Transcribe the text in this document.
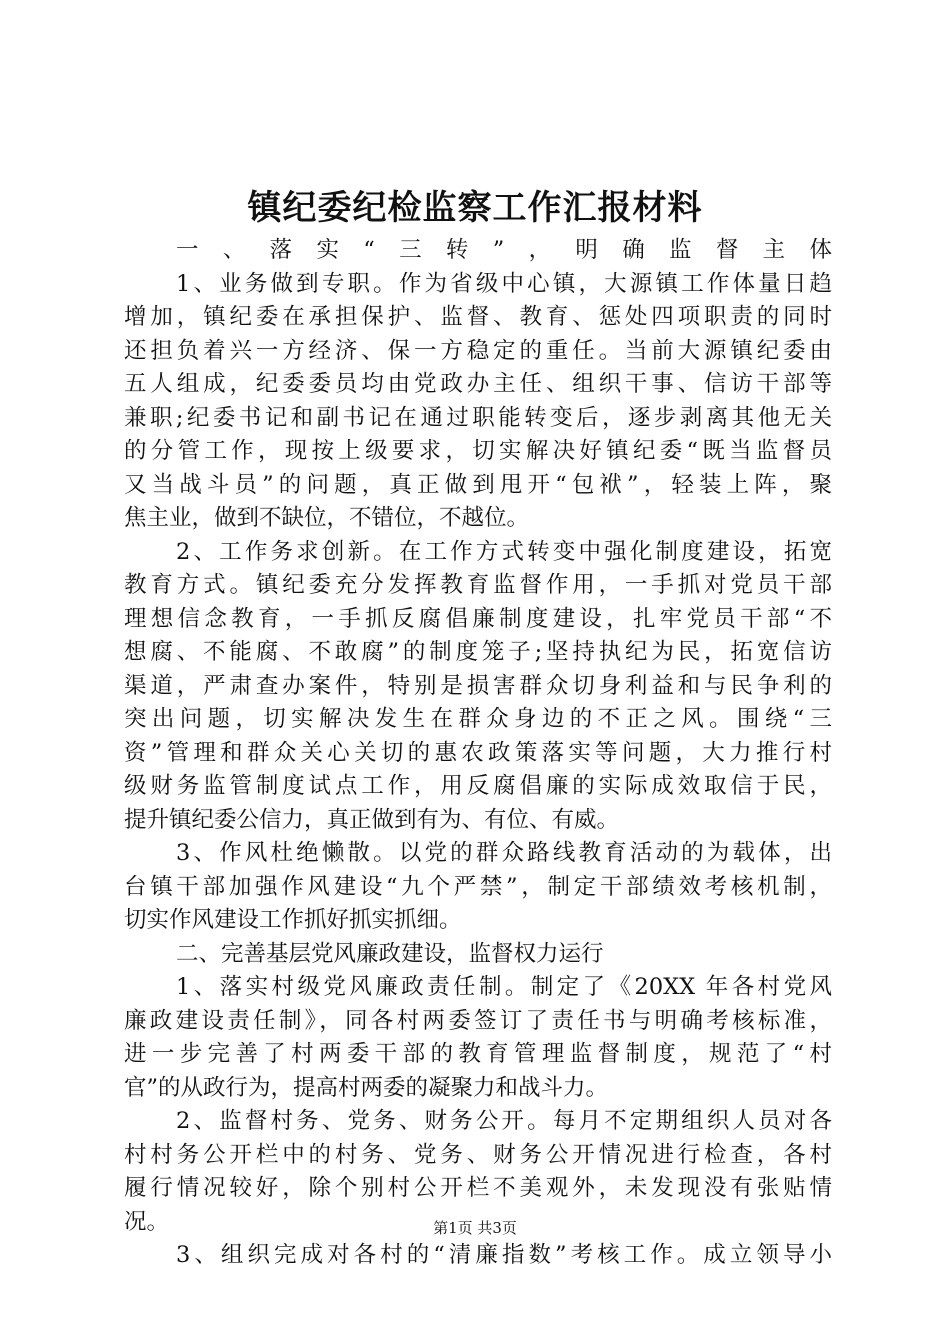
镇纪委纪检监察工作汇报材料
一、落实“三转”，明确监督主体
1、业务做到专职。作为省级中心镇，大源镇工作体量日趋
增加，镇纪委在承担保护、监督、教育、惩处四项职责的同时
还担负着兴一方经济、保一方稳定的重任。当前大源镇纪委由
五人组成，纪委委员均由党政办主任、组织干事、信访干部等
兼职;纪委书记和副书记在通过职能转变后，逐步剥离其他无关
的分管工作，现按上级要求，切实解决好镇纪委“既当监督员
又当战斗员”的问题，真正做到甩开“包袱”，轻装上阵，聚
焦主业，做到不缺位，不错位，不越位。
2、工作务求创新。在工作方式转变中强化制度建设，拓宽
教育方式。镇纪委充分发挥教育监督作用，一手抓对党员干部
理想信念教育，一手抓反腐倡廉制度建设，扎牢党员干部“不
想腐、不能腐、不敢腐”的制度笼子;坚持执纪为民，拓宽信访
渠道，严肃查办案件，特别是损害群众切身利益和与民争利的
突出问题，切实解决发生在群众身边的不正之风。围绕“三
资”管理和群众关心关切的惠农政策落实等问题，大力推行村
级财务监管制度试点工作，用反腐倡廉的实际成效取信于民，
提升镇纪委公信力，真正做到有为、有位、有威。
3、作风杜绝懒散。以党的群众路线教育活动的为载体，出
台镇干部加强作风建设“九个严禁”，制定干部绩效考核机制，
切实作风建设工作抓好抓实抓细。
二、完善基层党风廉政建设，监督权力运行
1、落实村级党风廉政责任制。制定了《20XX 年各村党风
廉政建设责任制》，同各村两委签订了责任书与明确考核标准，
进一步完善了村两委干部的教育管理监督制度，规范了“村
官”的从政行为，提高村两委的凝聚力和战斗力。
2、监督村务、党务、财务公开。每月不定期组织人员对各
村村务公开栏中的村务、党务、财务公开情况进行检查，各村
履行情况较好，除个别村公开栏不美观外，未发现没有张贴情
况。
3、组织完成对各村的“清廉指数”考核工作。成立领导小
第1页 共3页
